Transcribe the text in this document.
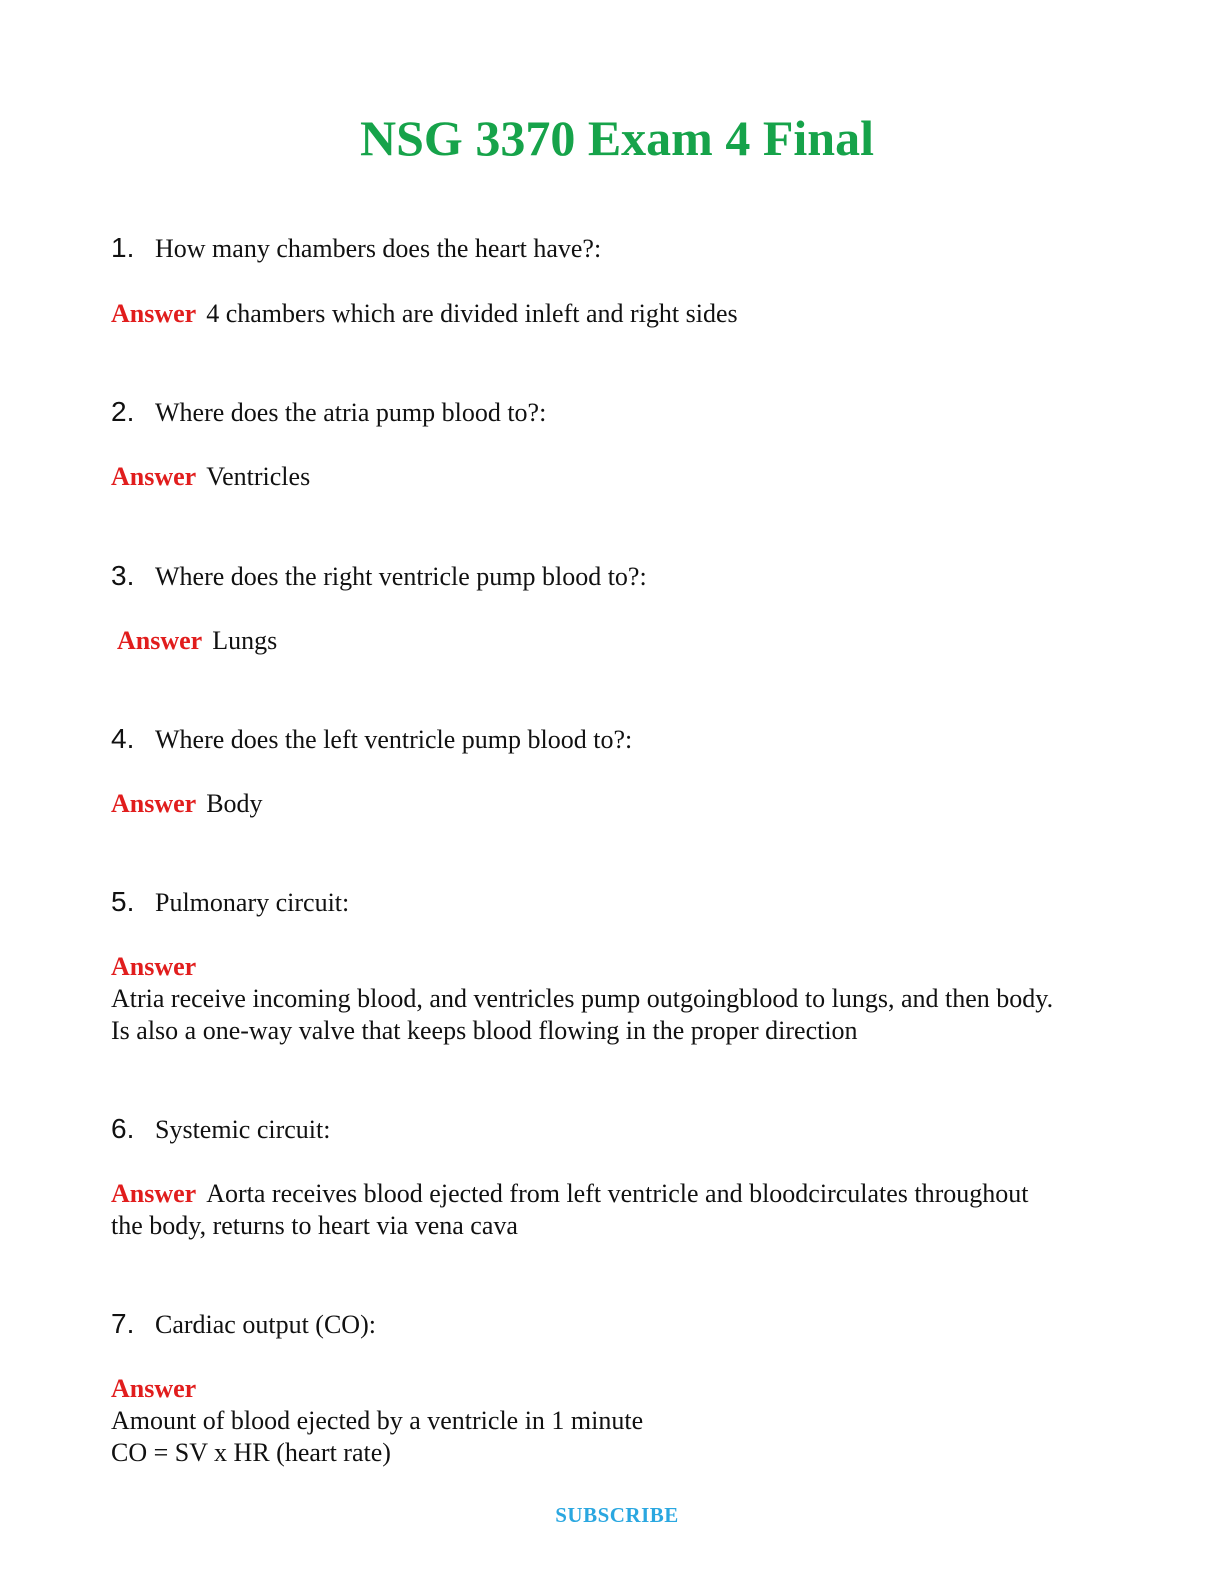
NSG 3370 Exam 4 Final
1. How many chambers does the heart have?:
Answer 4 chambers which are divided inleft and right sides
2. Where does the atria pump blood to?:
Answer Ventricles
3. Where does the right ventricle pump blood to?:
Answer Lungs
4. Where does the left ventricle pump blood to?:
Answer Body
5. Pulmonary circuit:
Answer
Atria receive incoming blood, and ventricles pump outgoingblood to lungs, and then body.
Is also a one-way valve that keeps blood flowing in the proper direction
6. Systemic circuit:
Answer Aorta receives blood ejected from left ventricle and bloodcirculates throughout
the body, returns to heart via vena cava
7. Cardiac output (CO):
Answer
Amount of blood ejected by a ventricle in 1 minute
CO = SV x HR (heart rate)
SUBSCRIBE
